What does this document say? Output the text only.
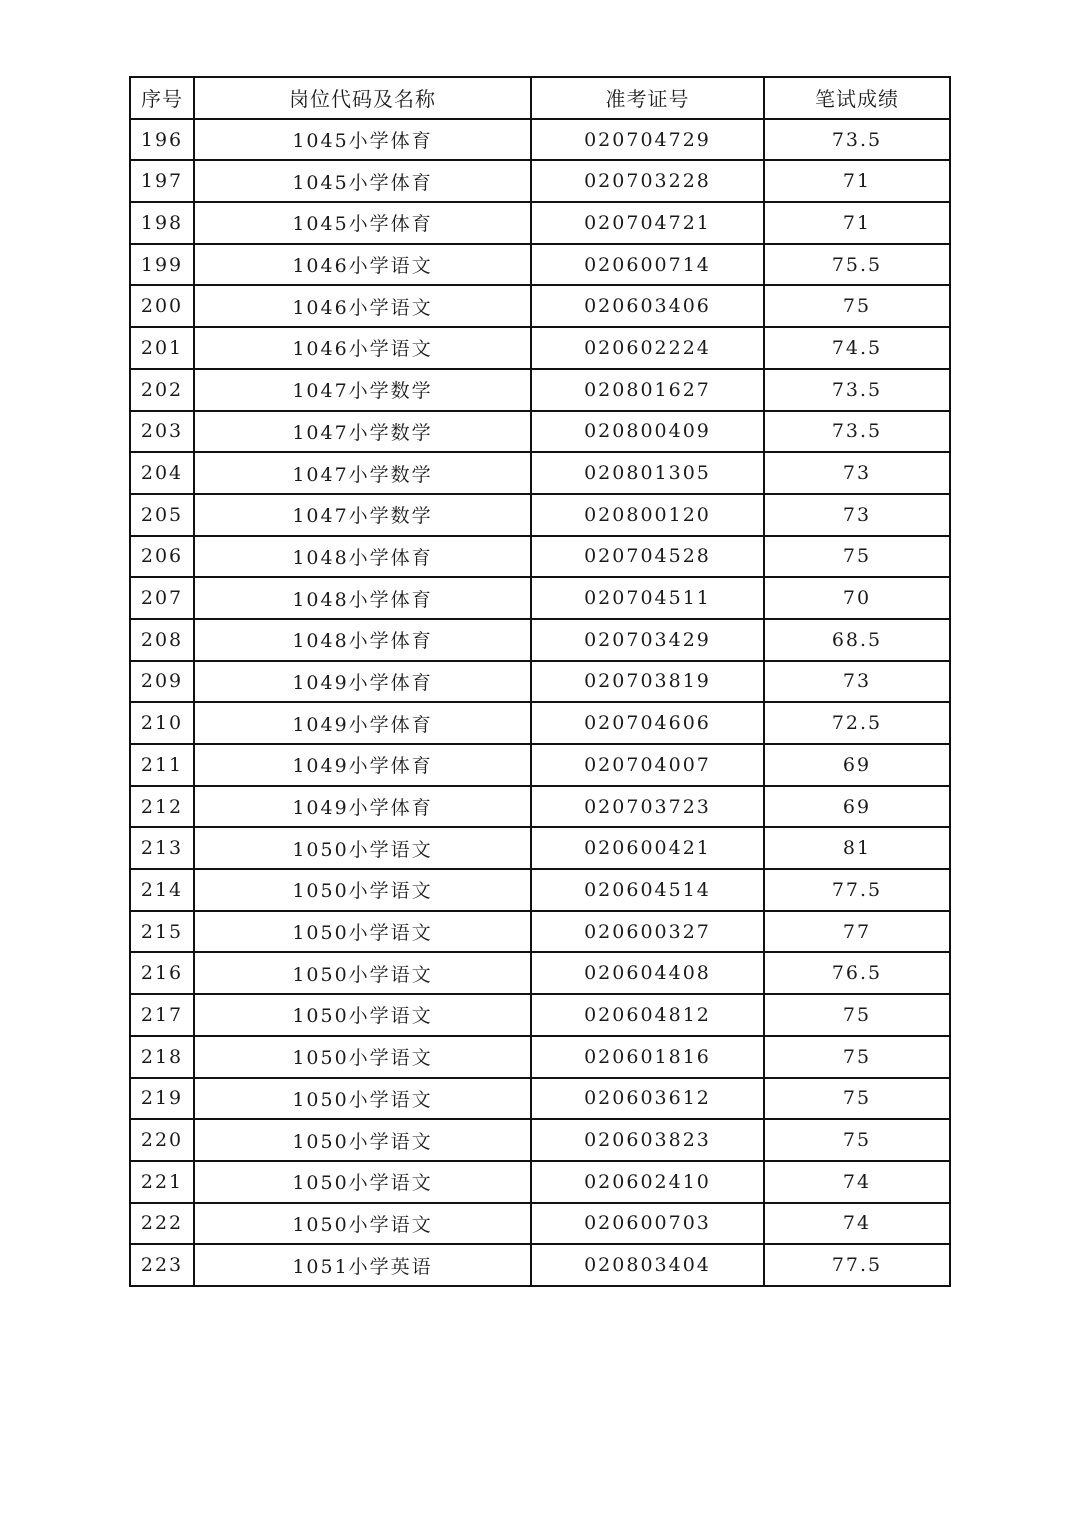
序号	岗位代码及名称	准考证号	笔试成绩
196	1045小学体育	020704729	73.5
197	1045小学体育	020703228	71
198	1045小学体育	020704721	71
199	1046小学语文	020600714	75.5
200	1046小学语文	020603406	75
201	1046小学语文	020602224	74.5
202	1047小学数学	020801627	73.5
203	1047小学数学	020800409	73.5
204	1047小学数学	020801305	73
205	1047小学数学	020800120	73
206	1048小学体育	020704528	75
207	1048小学体育	020704511	70
208	1048小学体育	020703429	68.5
209	1049小学体育	020703819	73
210	1049小学体育	020704606	72.5
211	1049小学体育	020704007	69
212	1049小学体育	020703723	69
213	1050小学语文	020600421	81
214	1050小学语文	020604514	77.5
215	1050小学语文	020600327	77
216	1050小学语文	020604408	76.5
217	1050小学语文	020604812	75
218	1050小学语文	020601816	75
219	1050小学语文	020603612	75
220	1050小学语文	020603823	75
221	1050小学语文	020602410	74
222	1050小学语文	020600703	74
223	1051小学英语	020803404	77.5
